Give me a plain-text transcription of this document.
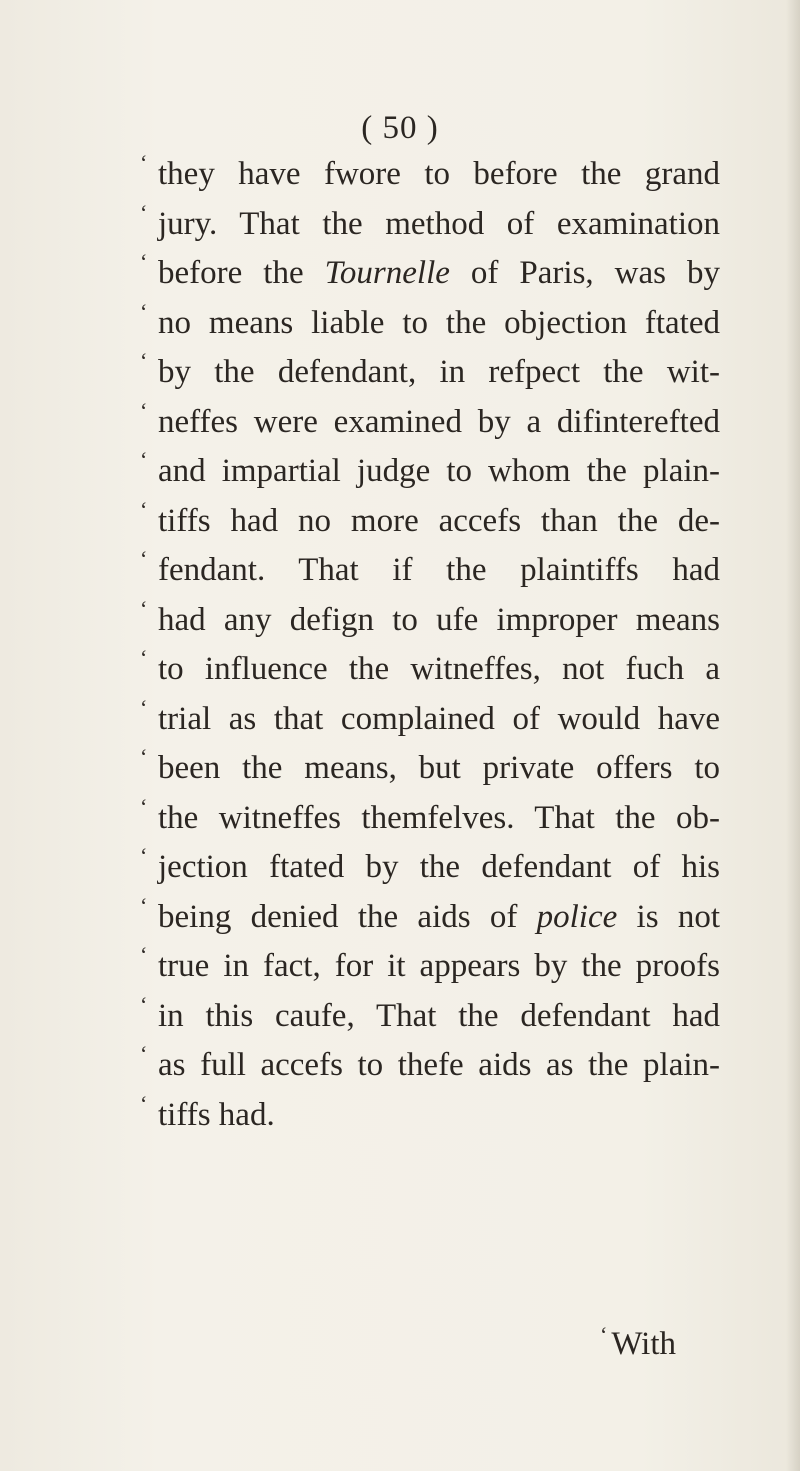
( 50 )
‘ they have fwore to before the grand
‘ jury. That the method of examination
‘ before the Tournelle of Paris, was by
‘ no means liable to the objection ftated
‘ by the defendant, in refpect the wit-
‘ neffes were examined by a difinterefted
‘ and impartial judge to whom the plain-
‘ tiffs had no more accefs than the de-
‘ fendant. That if the plaintiffs had
‘ had any defign to ufe improper means
‘ to influence the witneffes, not fuch a
‘ trial as that complained of would have
‘ been the means, but private offers to
‘ the witneffes themfelves. That the ob-
‘ jection ftated by the defendant of his
‘ being denied the aids of police is not
‘ true in fact, for it appears by the proofs
‘ in this caufe, That the defendant had
‘ as full accefs to thefe aids as the plain-
‘ tiffs had.
‘ With
